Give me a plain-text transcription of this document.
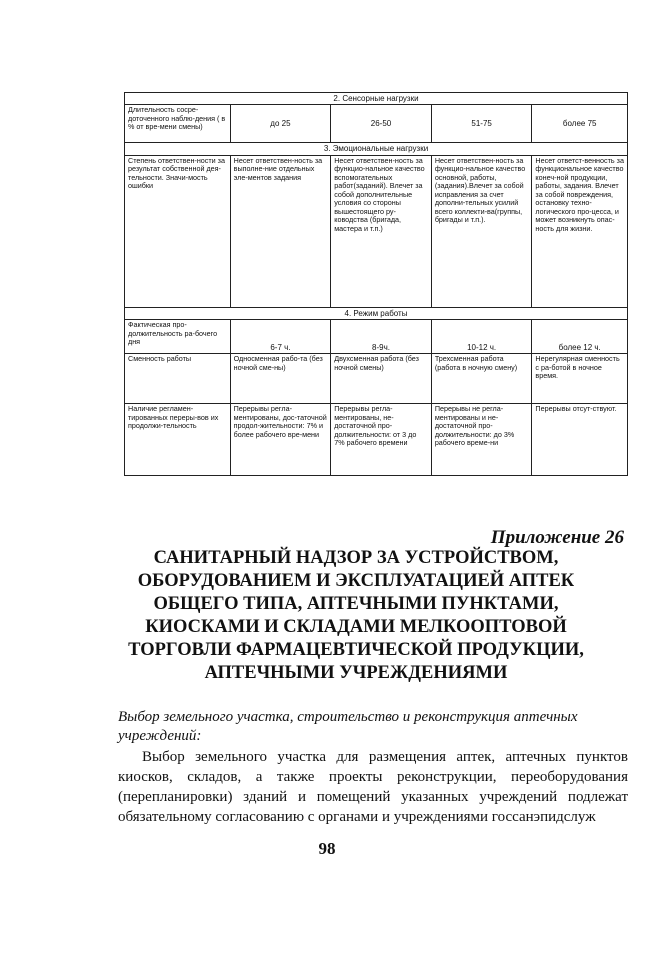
2. Сенсорные нагрузки				
Длительность сосре-доточенного наблю-дения ( в % от вре-мени смены)	до 25	26-50	51-75	более 75
3. Эмоциональные нагрузки				
Степень ответствен-ности за результат собственной дея-тельности. Значи-мость ошибки	Несет ответствен-ность за выполне-ние отдельных эле-ментов задания	Несет ответствен-ность за функцио-нальное качество вспомогательных работ(заданий). Влечет за собой дополнительные условия со стороны вышестоящего ру-ководства (бригада, мастера и т.п.)	Несет ответствен-ность за функцио-нальное качество основной, работы, (задания).Влечет за собой исправления за счет дополни-тельных усилий всего коллекти-ва(группы, бригады и т.п.).	Несет ответст-венность за функциональное качество конеч-ной продукции, работы, задания. Влечет за собой повреждения, остановку техно-логического про-цесса, и может возникнуть опас-ность для жизни.
4. Режим работы				
Фактическая про-должительность ра-бочего дня	6-7 ч.	8-9ч.	10-12 ч.	более 12 ч.
Сменность работы	Односменная рабо-та (без ночной сме-ны)	Двухсменная работа (без ночной смены)	Трехсменная работа (работа в ночную смену)	Нерегулярная сменность с ра-ботой в ночное время.
Наличие регламен-тированных переры-вов их продолжи-тельность	Перерывы регла-ментированы, дос-таточной продол-жительности: 7% и более рабочего вре-мени	Перерывы регла-ментированы, не-достаточной про-должительности: от 3 до 7% рабочего времени	Перерывы не регла-ментированы и не-достаточной про-должительности: до 3% рабочего време-ни	Перерывы отсут-ствуют.
Приложение 26
САНИТАРНЫЙ НАДЗОР ЗА УСТРОЙСТВОМ, ОБОРУДОВАНИЕМ И ЭКСПЛУАТАЦИЕЙ АПТЕК ОБЩЕГО ТИПА, АПТЕЧНЫМИ ПУНКТАМИ, КИОСКАМИ И СКЛАДАМИ МЕЛКООПТОВОЙ ТОРГОВЛИ ФАРМАЦЕВТИЧЕСКОЙ ПРОДУКЦИИ, АПТЕЧНЫМИ УЧРЕЖДЕНИЯМИ
Выбор земельного участка, строительство и реконструкция аптечных учреждений:
Выбор земельного участка для размещения аптек, аптечных пунктов киосков, складов, а также проекты реконструкции, переоборудования (перепланировки) зданий и помещений указанных учреждений подлежат обязательному согласованию с органами и учреждениями госсанэпидслуж
98
